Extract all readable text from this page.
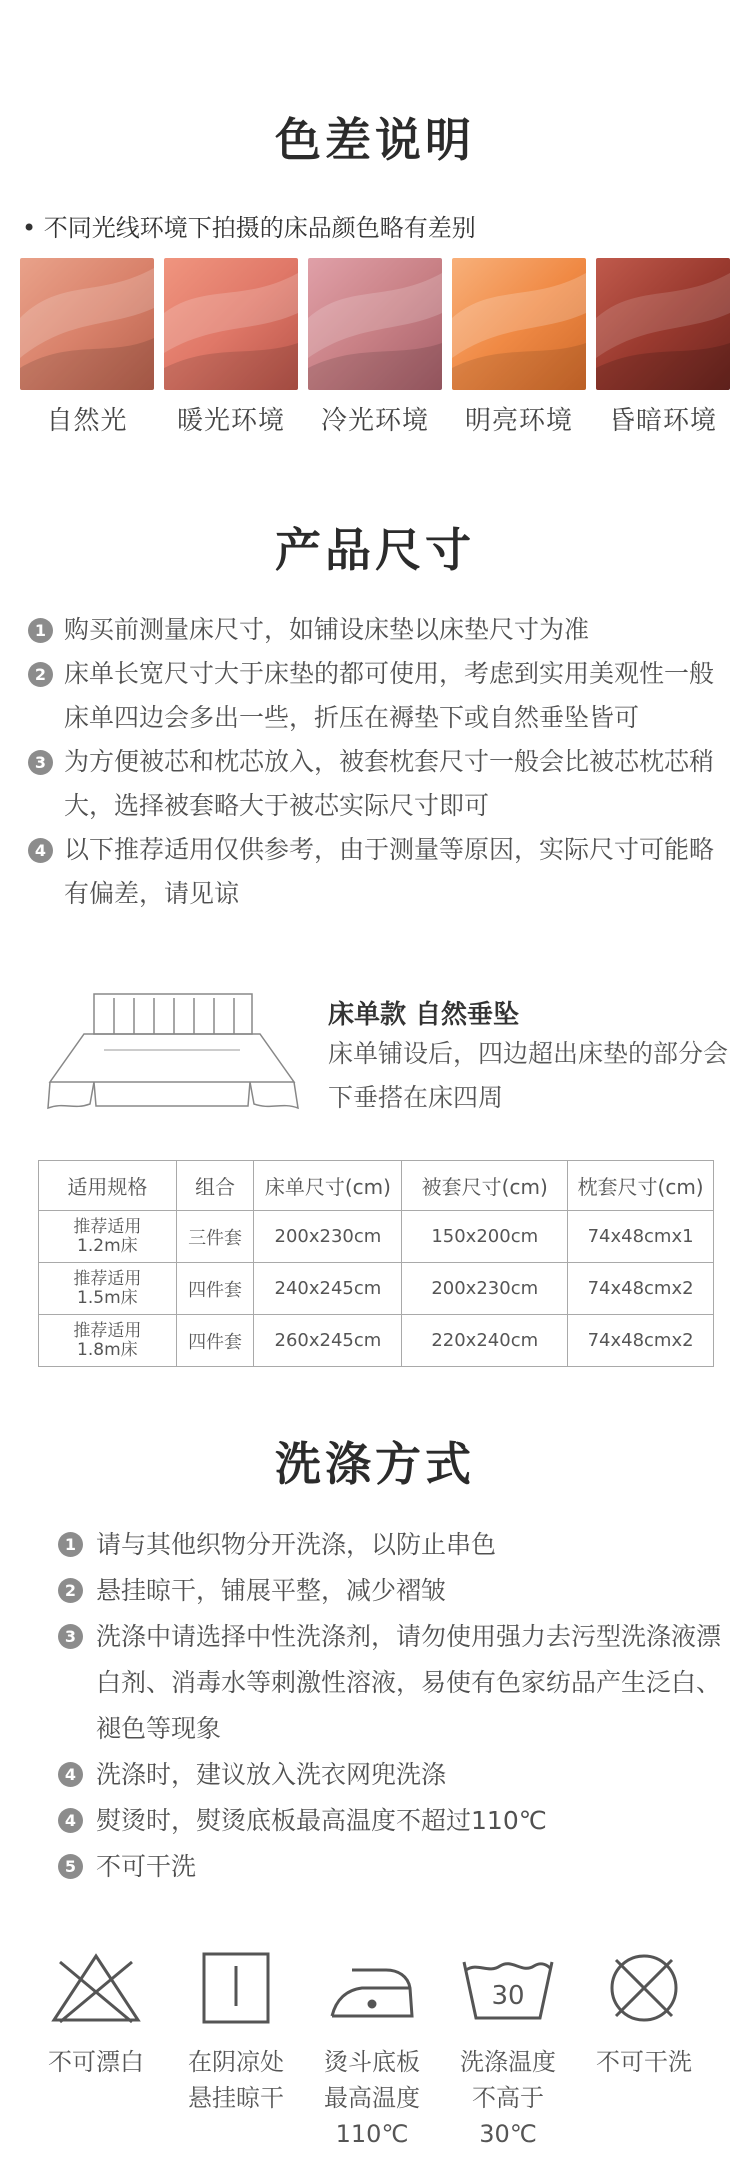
色差说明
• 不同光线环境下拍摄的床品颜色略有差别
自然光	暖光环境	冷光环境	明亮环境	昏暗环境
产品尺寸
1 购买前测量床尺寸，如铺设床垫以床垫尺寸为准
2 床单长宽尺寸大于床垫的都可使用，考虑到实用美观性一般床单四边会多出一些，折压在褥垫下或自然垂坠皆可
3 为方便被芯和枕芯放入，被套枕套尺寸一般会比被芯枕芯稍大，选择被套略大于被芯实际尺寸即可
4 以下推荐适用仅供参考，由于测量等原因，实际尺寸可能略有偏差，请见谅
床单款 自然垂坠
床单铺设后，四边超出床垫的部分会下垂搭在床四周
适用规格	组合	床单尺寸(cm)	被套尺寸(cm)	枕套尺寸(cm)

推荐适用
1.2m床	三件套	200x230cm	150x200cm	74x48cmx1

推荐适用
1.5m床	四件套	240x245cm	200x230cm	74x48cmx2

推荐适用
1.8m床	四件套	260x245cm	220x240cm	74x48cmx2
洗涤方式
1 请与其他织物分开洗涤，以防止串色
2 悬挂晾干，铺展平整，减少褶皱
3 洗涤中请选择中性洗涤剂，请勿使用强力去污型洗涤液漂白剂、消毒水等刺激性溶液，易使有色家纺品产生泛白、褪色等现象
4 洗涤时，建议放入洗衣网兜洗涤
4 熨烫时，熨烫底板最高温度不超过110℃
5 不可干洗
30
不可漂白	在阴凉处
悬挂晾干
烫斗底板
最高温度
110℃
洗涤温度
不高于
30℃
不可干洗
